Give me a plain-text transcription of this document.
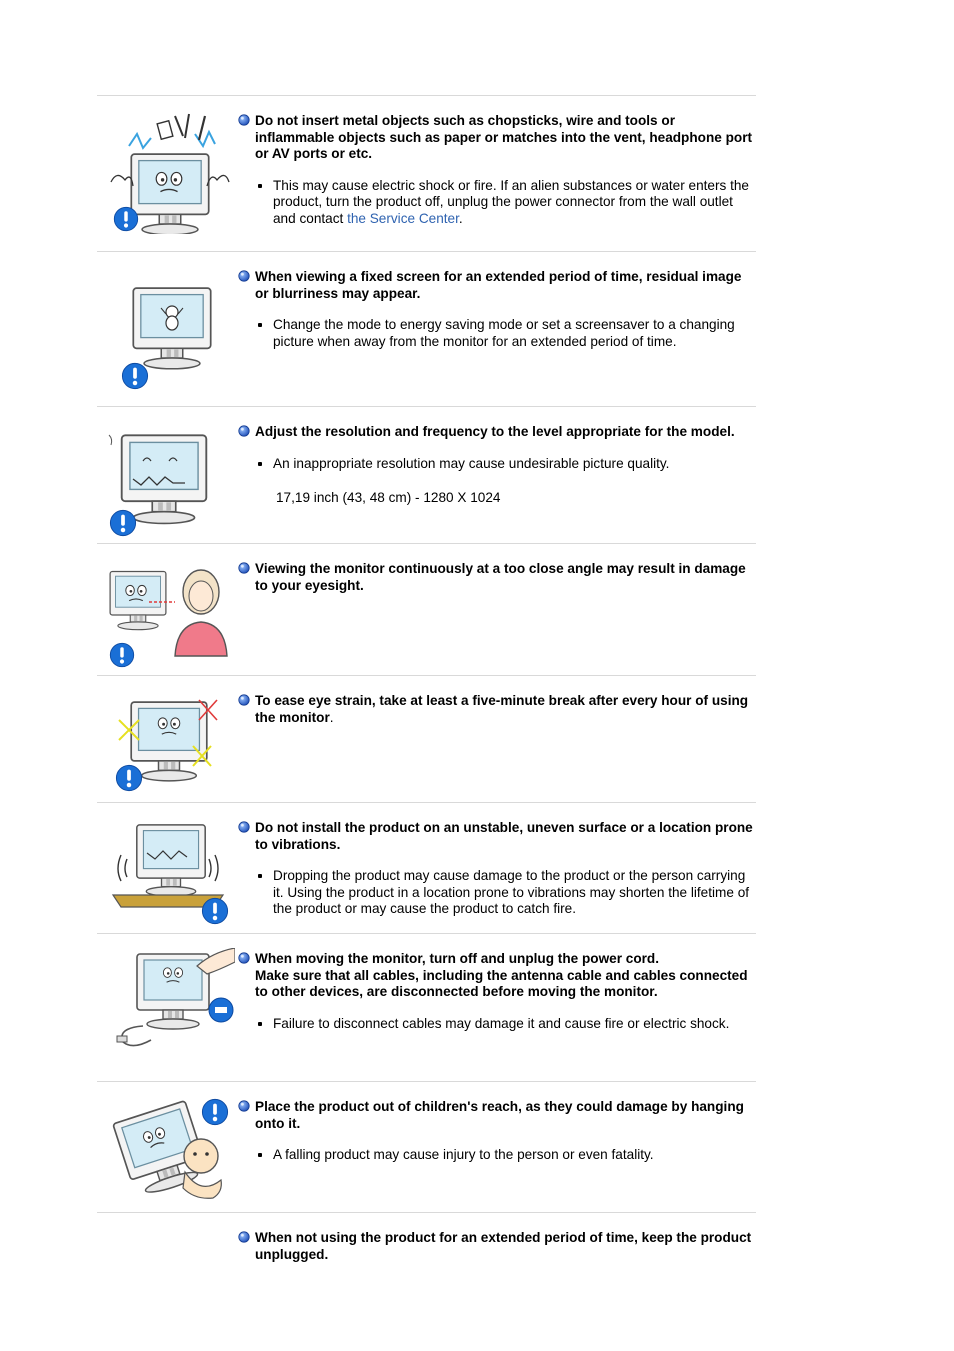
Do not insert metal objects such as chopsticks, wire and tools or inflammable objects such as paper or matches into the vent, headphone port or AV ports or etc.
This may cause electric shock or fire. If an alien substances or water enters the product, turn the product off, unplug the power connector from the wall outlet and contact the Service Center.
When viewing a fixed screen for an extended period of time, residual image or blurriness may appear.
Change the mode to energy saving mode or set a screensaver to a changing picture when away from the monitor for an extended period of time.
Adjust the resolution and frequency to the level appropriate for the model.
An inappropriate resolution may cause undesirable picture quality.
17,19 inch (43, 48 cm) - 1280 X 1024
Viewing the monitor continuously at a too close angle may result in damage to your eyesight.
To ease eye strain, take at least a five-minute break after every hour of using the monitor.
Do not install the product on an unstable, uneven surface or a location prone to vibrations.
Dropping the product may cause damage to the product or the person carrying it. Using the product in a location prone to vibrations may shorten the lifetime of the product or may cause the product to catch fire.
When moving the monitor, turn off and unplug the power cord.
Make sure that all cables, including the antenna cable and cables connected to other devices, are disconnected before moving the monitor.
Failure to disconnect cables may damage it and cause fire or electric shock.
Place the product out of children's reach, as they could damage by hanging onto it.
A falling product may cause injury to the person or even fatality.
When not using the product for an extended period of time, keep the product unplugged.
